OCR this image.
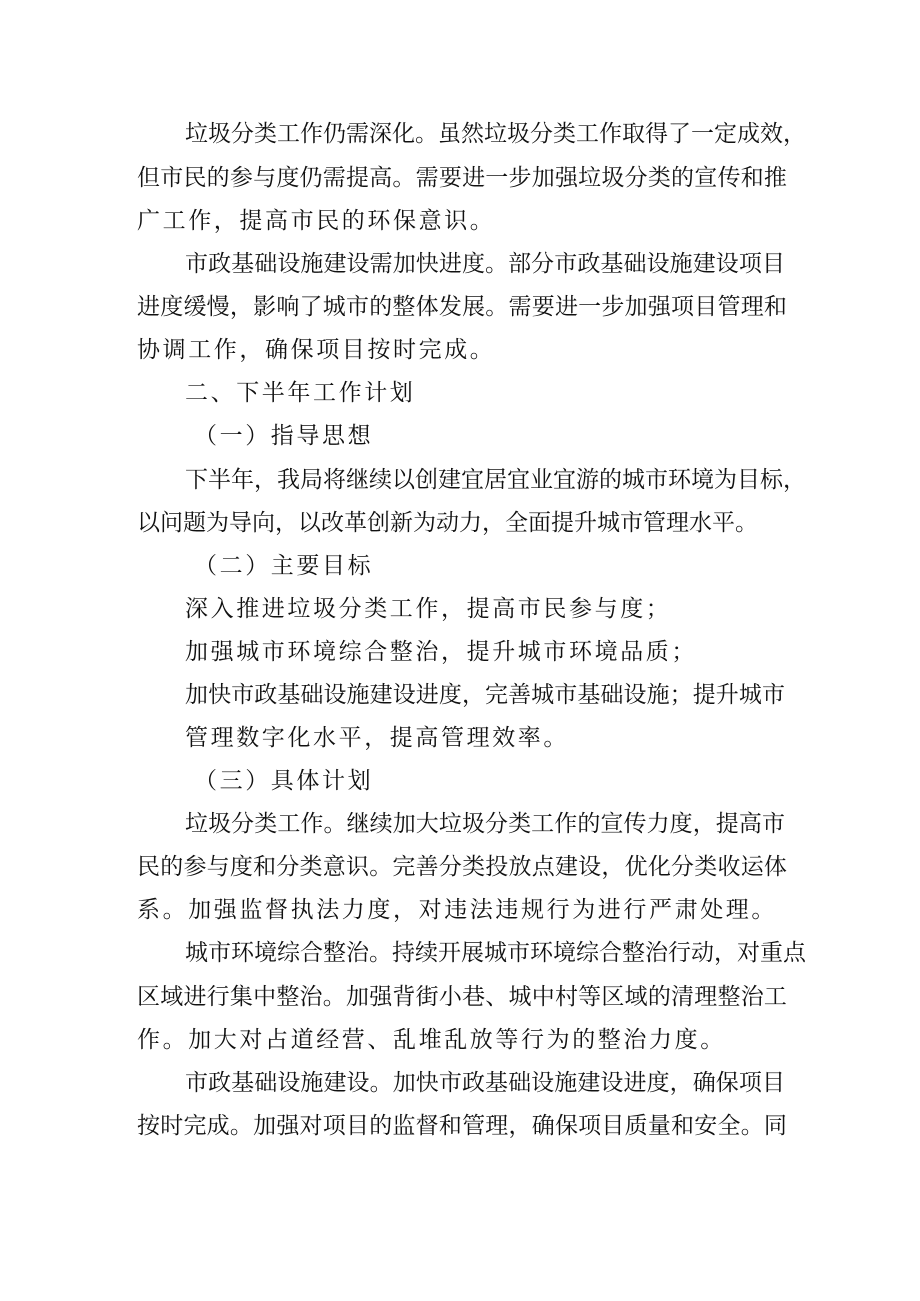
垃 圾 分 类 工 作 仍 需 深 化 。 虽 然 垃 圾 分 类 工 作 取 得 了 一 定 成 效 ，
但 市 民 的 参 与 度 仍 需 提 高 。 需 要 进 一 步 加 强 垃 圾 分 类 的 宣 传 和 推
广工作，提高市民的环保意识。
市 政 基 础 设 施 建 设 需 加 快 进 度 。 部 分 市 政 基 础 设 施 建 设 项 目
进 度 缓 慢 ， 影 响 了 城 市 的 整 体 发 展 。 需 要 进 一 步 加 强 项 目 管 理 和
协调工作，确保项目按时完成。
二、下半年工作计划
（一）指导思想
下 半 年 ， 我 局 将 继 续 以 创 建 宜 居 宜 业 宜 游 的 城 市 环 境 为 目 标 ，
以 问 题 为 导 向 ， 以 改 革 创 新 为 动 力 ， 全 面 提 升 城 市 管 理 水 平 。
（二）主要目标
深入推进垃圾分类工作，提高市民参与度；
加强城市环境综合整治，提升城市环境品质；
加 快 市 政 基 础 设 施 建 设 进 度 ， 完 善 城 市 基 础 设 施 ； 提 升 城 市
管理数字化水平，提高管理效率。
（三）具体计划
垃 圾 分 类 工 作 。 继 续 加 大 垃 圾 分 类 工 作 的 宣 传 力 度 ， 提 高 市
民 的 参 与 度 和 分 类 意 识 。 完 善 分 类 投 放 点 建 设 ， 优 化 分 类 收 运 体
系。加强监督执法力度，对违法违规行为进行严肃处理。
城 市 环 境 综 合 整 治 。 持 续 开 展 城 市 环 境 综 合 整 治 行 动 ， 对 重 点
区 域 进 行 集 中 整 治 。 加 强 背 街 小 巷 、 城 中 村 等 区 域 的 清 理 整 治 工
作。加大对占道经营、乱堆乱放等行为的整治力度。
市 政 基 础 设 施 建 设 。 加 快 市 政 基 础 设 施 建 设 进 度 ， 确 保 项 目
按 时 完 成 。 加 强 对 项 目 的 监 督 和 管 理 ， 确 保 项 目 质 量 和 安 全 。 同
